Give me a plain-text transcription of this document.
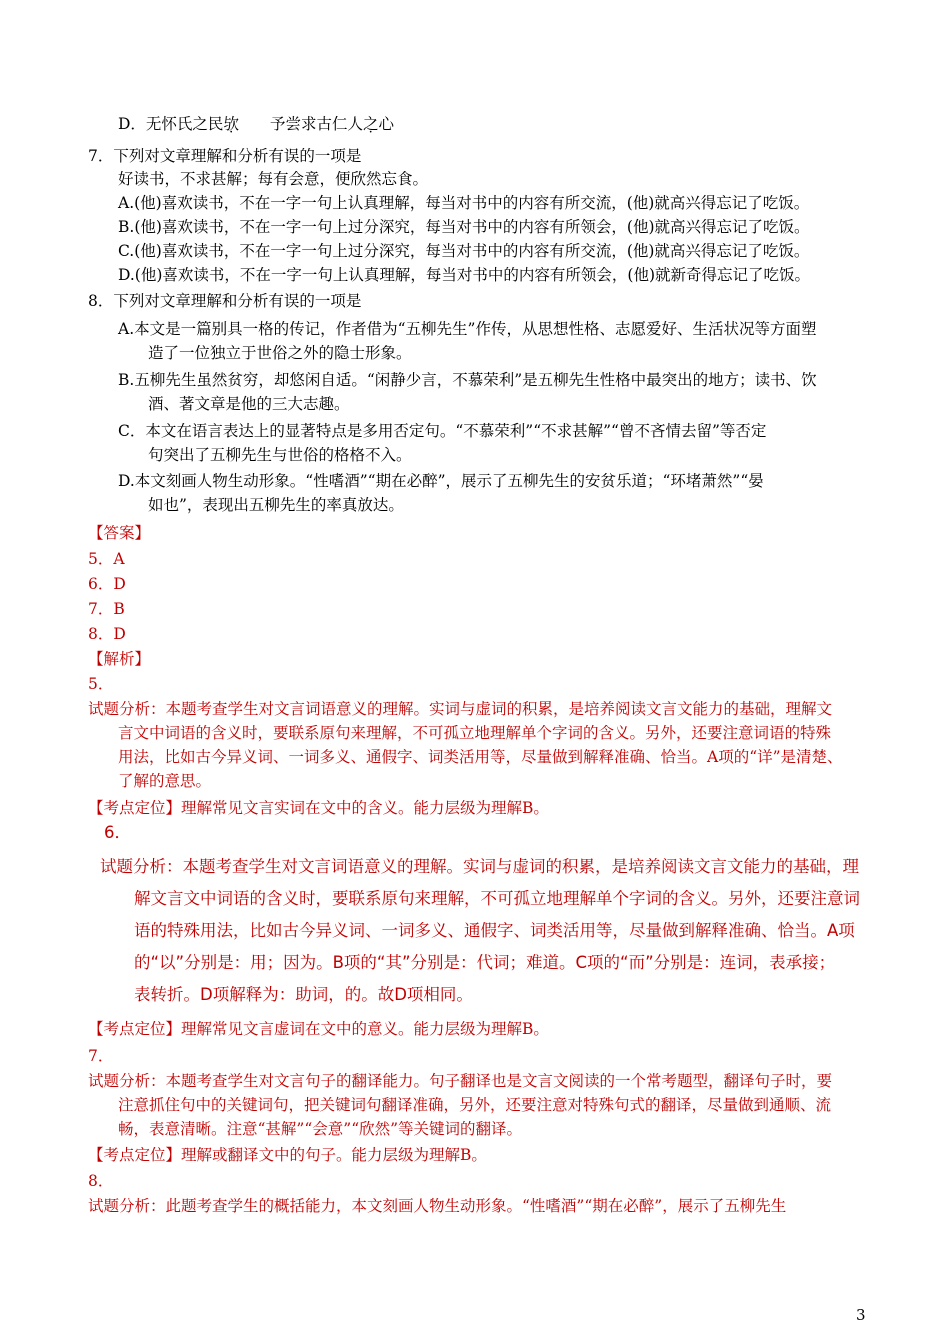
D．无怀氏之民欤　　予尝求古仁人之心
7．下列对文章理解和分析有误的一项是
好读书，不求甚解；每有会意，便欣然忘食。
A.(他)喜欢读书，不在一字一句上认真理解，每当对书中的内容有所交流，(他)就高兴得忘记了吃饭。
B.(他)喜欢读书，不在一字一句上过分深究，每当对书中的内容有所领会，(他)就高兴得忘记了吃饭。
C.(他)喜欢读书，不在一字一句上过分深究，每当对书中的内容有所交流，(他)就高兴得忘记了吃饭。
D.(他)喜欢读书，不在一字一句上认真理解，每当对书中的内容有所领会，(他)就新奇得忘记了吃饭。
8．下列对文章理解和分析有误的一项是
A.本文是一篇别具一格的传记，作者借为“五柳先生”作传，从思想性格、志愿爱好、生活状况等方面塑
造了一位独立于世俗之外的隐士形象。
B.五柳先生虽然贫穷，却悠闲自适。“闲静少言，不慕荣利”是五柳先生性格中最突出的地方；读书、饮
酒、著文章是他的三大志趣。
C．本文在语言表达上的显著特点是多用否定句。“不慕荣利”“不求甚解”“曾不吝情去留”等否定
句突出了五柳先生与世俗的格格不入。
D.本文刻画人物生动形象。“性嗜酒”“期在必醉”，展示了五柳先生的安贫乐道；“环堵萧然”“晏
如也”，表现出五柳先生的率真放达。
【答案】
5．A
6．D
7．B
8．D
【解析】
5．
试题分析：本题考查学生对文言词语意义的理解。实词与虚词的积累，是培养阅读文言文能力的基础，理解文
言文中词语的含义时，要联系原句来理解，不可孤立地理解单个字词的含义。另外，还要注意词语的特殊
用法，比如古今异义词、一词多义、通假字、词类活用等，尽量做到解释准确、恰当。A项的“详”是清楚、
了解的意思。
【考点定位】理解常见文言实词在文中的含义。能力层级为理解B。
6．
试题分析：本题考查学生对文言词语意义的理解。实词与虚词的积累，是培养阅读文言文能力的基础，理
解文言文中词语的含义时，要联系原句来理解，不可孤立地理解单个字词的含义。另外，还要注意词
语的特殊用法，比如古今异义词、一词多义、通假字、词类活用等，尽量做到解释准确、恰当。A项
的“以”分别是：用；因为。B项的“其”分别是：代词；难道。C项的“而”分别是：连词，表承接；
表转折。D项解释为：助词，的。故D项相同。
【考点定位】理解常见文言虚词在文中的意义。能力层级为理解B。
7．
试题分析：本题考查学生对文言句子的翻译能力。句子翻译也是文言文阅读的一个常考题型，翻译句子时，要
注意抓住句中的关键词句，把关键词句翻译准确，另外，还要注意对特殊句式的翻译，尽量做到通顺、流
畅，表意清晰。注意“甚解”“会意”“欣然”等关键词的翻译。
【考点定位】理解或翻译文中的句子。能力层级为理解B。
8．
试题分析：此题考查学生的概括能力，本文刻画人物生动形象。“性嗜酒”“期在必醉”，展示了五柳先生
3
